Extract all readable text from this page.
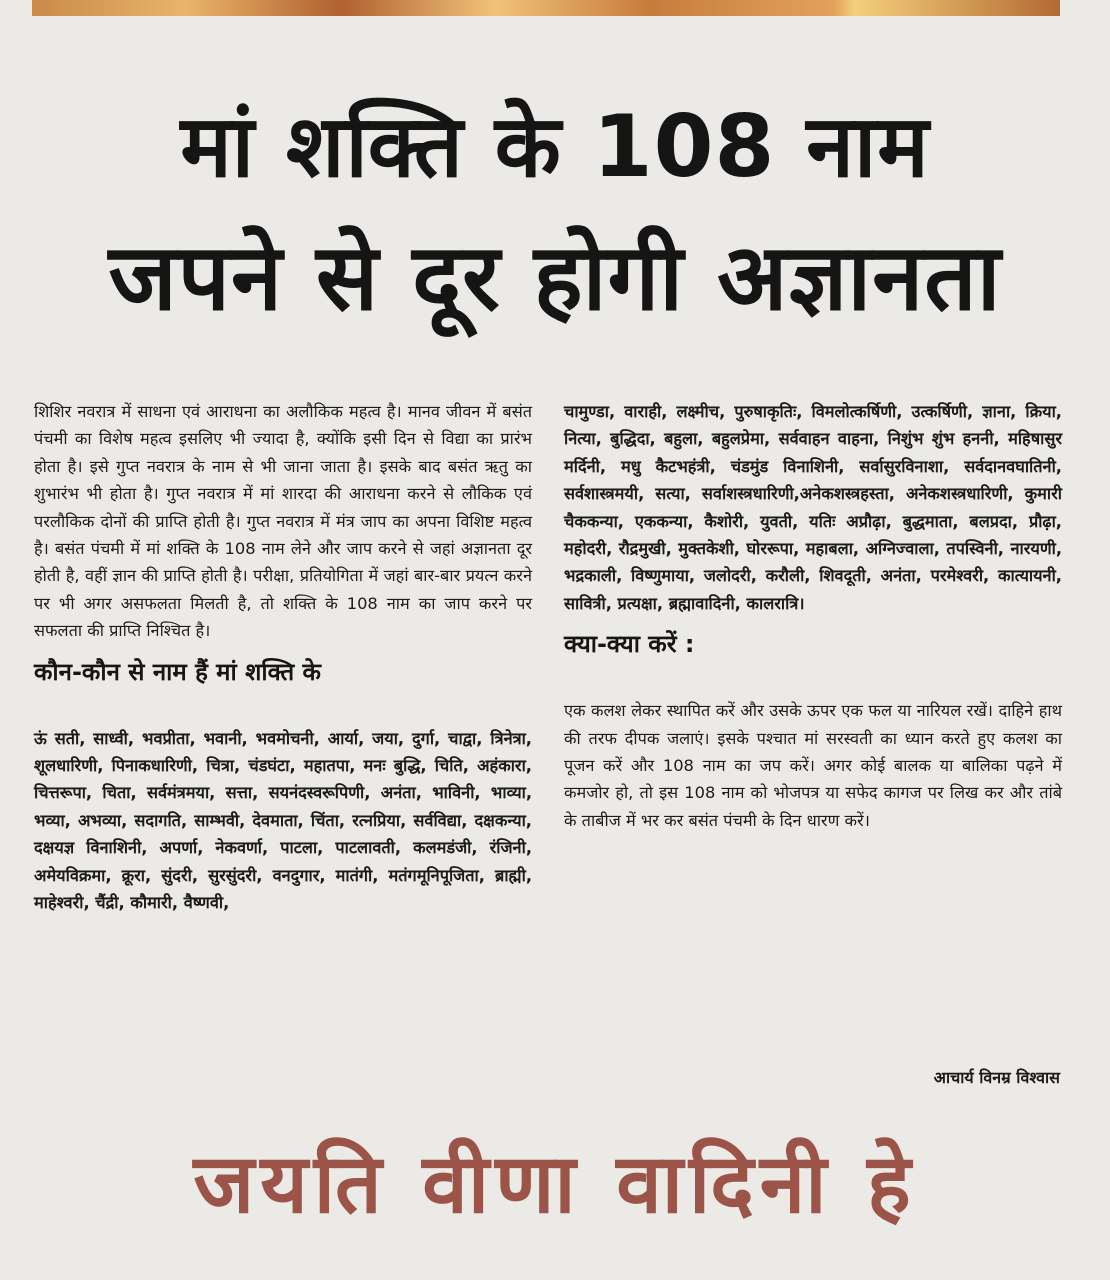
मां शक्ति के 108 नाम
जपने से दूर होगी अज्ञानता

शिशिर नवरात्र में साधना एवं आराधना का अलौकिक महत्व है। मानव जीवन में बसंत पंचमी का विशेष महत्व इसलिए भी ज्यादा है, क्योंकि इसी दिन से विद्या का प्रारंभ होता है। इसे गुप्त नवरात्र के नाम से भी जाना जाता है। इसके बाद बसंत ऋतु का शुभारंभ भी होता है। गुप्त नवरात्र में मां शारदा की आराधना करने से लौकिक एवं परलौकिक दोनों की प्राप्ति होती है। गुप्त नवरात्र में मंत्र जाप का अपना विशिष्ट महत्व है। बसंत पंचमी में मां शक्ति के 108 नाम लेने और जाप करने से जहां अज्ञानता दूर होती है, वहीं ज्ञान की प्राप्ति होती है। परीक्षा, प्रतियोगिता में जहां बार-बार प्रयत्न करने पर भी अगर असफलता मिलती है, तो शक्ति के 108 नाम का जाप करने पर सफलता की प्राप्ति निश्चित है।

कौन-कौन से नाम हैं मां शक्ति के

ऊं सती, साध्वी, भवप्रीता, भवानी, भवमोचनी, आर्या, जया, दुर्गा, चाद्वा, त्रिनेत्रा, शूलधारिणी, पिनाकधारिणी, चित्रा, चंडघंटा, महातपा, मनः बुद्धि, चिति, अहंकारा, चित्तरूपा, चिता, सर्वमंत्रमया, सत्ता, सयनंदस्वरूपिणी, अनंता, भाविनी, भाव्या, भव्या, अभव्या, सदागति, साम्भवी, देवमाता, चिंता, रत्नप्रिया, सर्वविद्या, दक्षकन्या, दक्षयज्ञ विनाशिनी, अपर्णा, नेकवर्णा, पाटला, पाटलावती, कलमडंजी, रंजिनी, अमेयविक्रमा, क्रूरा, सुंदरी, सुरसुंदरी, वनदुगार, मातंगी, मतंगमूनिपूजिता, ब्राह्मी, माहेश्वरी, चैंद्री, कौमारी, वैष्णवी,

चामुण्डा, वाराही, लक्ष्मीच, पुरुषाकृतिः, विमलोत्कर्षिणी, उत्कर्षिणी, ज्ञाना, क्रिया, नित्या, बुद्धिदा, बहुला, बहुलप्रेमा, सर्ववाहन वाहना, निशुंभ शुंभ हननी, महिषासुर मर्दिनी, मधु कैटभहंत्री, चंडमुंड विनाशिनी, सर्वासुरविनाशा, सर्वदानवघातिनी, सर्वशास्त्रमयी, सत्या, सर्वाशस्त्रधारिणी,अनेकशस्त्रहस्ता, अनेकशस्त्रधारिणी, कुमारी चैककन्या, एककन्या, कैशोरी, युवती, यतिः अप्रौढ़ा, बुद्धमाता, बलप्रदा, प्रौढ़ा, महोदरी, रौद्रमुखी, मुक्तकेशी, घोररूपा, महाबला, अग्निज्वाला, तपस्विनी, नारयणी, भद्रकाली, विष्णुमाया, जलोदरी, करौली, शिवदूती, अनंता, परमेश्वरी, कात्यायनी, सावित्री, प्रत्यक्षा, ब्रह्मावादिनी, कालरात्रि।

क्या-क्या करें :

एक कलश लेकर स्थापित करें और उसके ऊपर एक फल या नारियल रखें। दाहिने हाथ की तरफ दीपक जलाएं। इसके पश्चात मां सरस्वती का ध्यान करते हुए कलश का पूजन करें और 108 नाम का जप करें। अगर कोई बालक या बालिका पढ़ने में कमजोर हो, तो इस 108 नाम को भोजपत्र या सफेद कागज पर लिख कर और तांबे के ताबीज में भर कर बसंत पंचमी के दिन धारण करें।

आचार्य विनम्र विश्वास
जयति वीणा वादिनी हे
